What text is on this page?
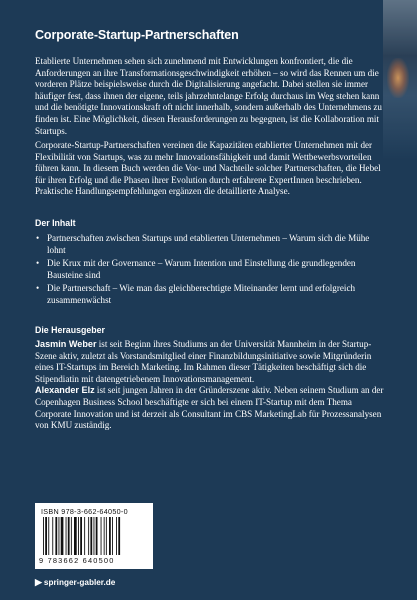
Corporate-Startup-Partnerschaften
Etablierte Unternehmen sehen sich zunehmend mit Entwicklungen konfrontiert, die die Anforderungen an ihre Transformationsgeschwindigkeit erhöhen – so wird das Rennen um die vorderen Plätze beispielsweise durch die Digitalisierung angefacht. Dabei stellen sie immer häufiger fest, dass ihnen der eigene, teils jahrzehntelange Erfolg durchaus im Weg stehen kann und die benötigte Innovationskraft oft nicht innerhalb, sondern außerhalb des Unternehmens zu finden ist. Eine Möglichkeit, diesen Herausforderungen zu begegnen, ist die Kollaboration mit Startups.
Corporate-Startup-Partnerschaften vereinen die Kapazitäten etablierter Unternehmen mit der Flexibilität von Startups, was zu mehr Innovationsfähigkeit und damit Wettbewerbsvorteilen führen kann. In diesem Buch werden die Vor- und Nachteile solcher Partnerschaften, die Hebel für ihren Erfolg und die Phasen ihrer Evolution durch erfahrene ExpertInnen beschrieben. Praktische Handlungsempfehlungen ergänzen die detaillierte Analyse.
Der Inhalt
• Partnerschaften zwischen Startups und etablierten Unternehmen – Warum sich die Mühe lohnt
• Die Krux mit der Governance – Warum Intention und Einstellung die grundlegenden Bausteine sind
• Die Partnerschaft – Wie man das gleichberechtigte Miteinander lernt und erfolgreich zusammenwächst
Die Herausgeber
Jasmin Weber ist seit Beginn ihres Studiums an der Universität Mannheim in der Startup-Szene aktiv, zuletzt als Vorstandsmitglied einer Finanzbildungsinitiative sowie Mitgründerin eines IT-Startups im Bereich Marketing. Im Rahmen dieser Tätigkeiten beschäftigt sich die Stipendiatin mit datengetriebenem Innovationsmanagement.
Alexander Elz ist seit jungen Jahren in der Gründerszene aktiv. Neben seinem Studium an der Copenhagen Business School beschäftigte er sich bei einem IT-Startup mit dem Thema Corporate Innovation und ist derzeit als Consultant im CBS MarketingLab für Prozessanalysen von KMU zuständig.
ISBN 978-3-662-64050-0
9 783662 640500
▶ springer-gabler.de
